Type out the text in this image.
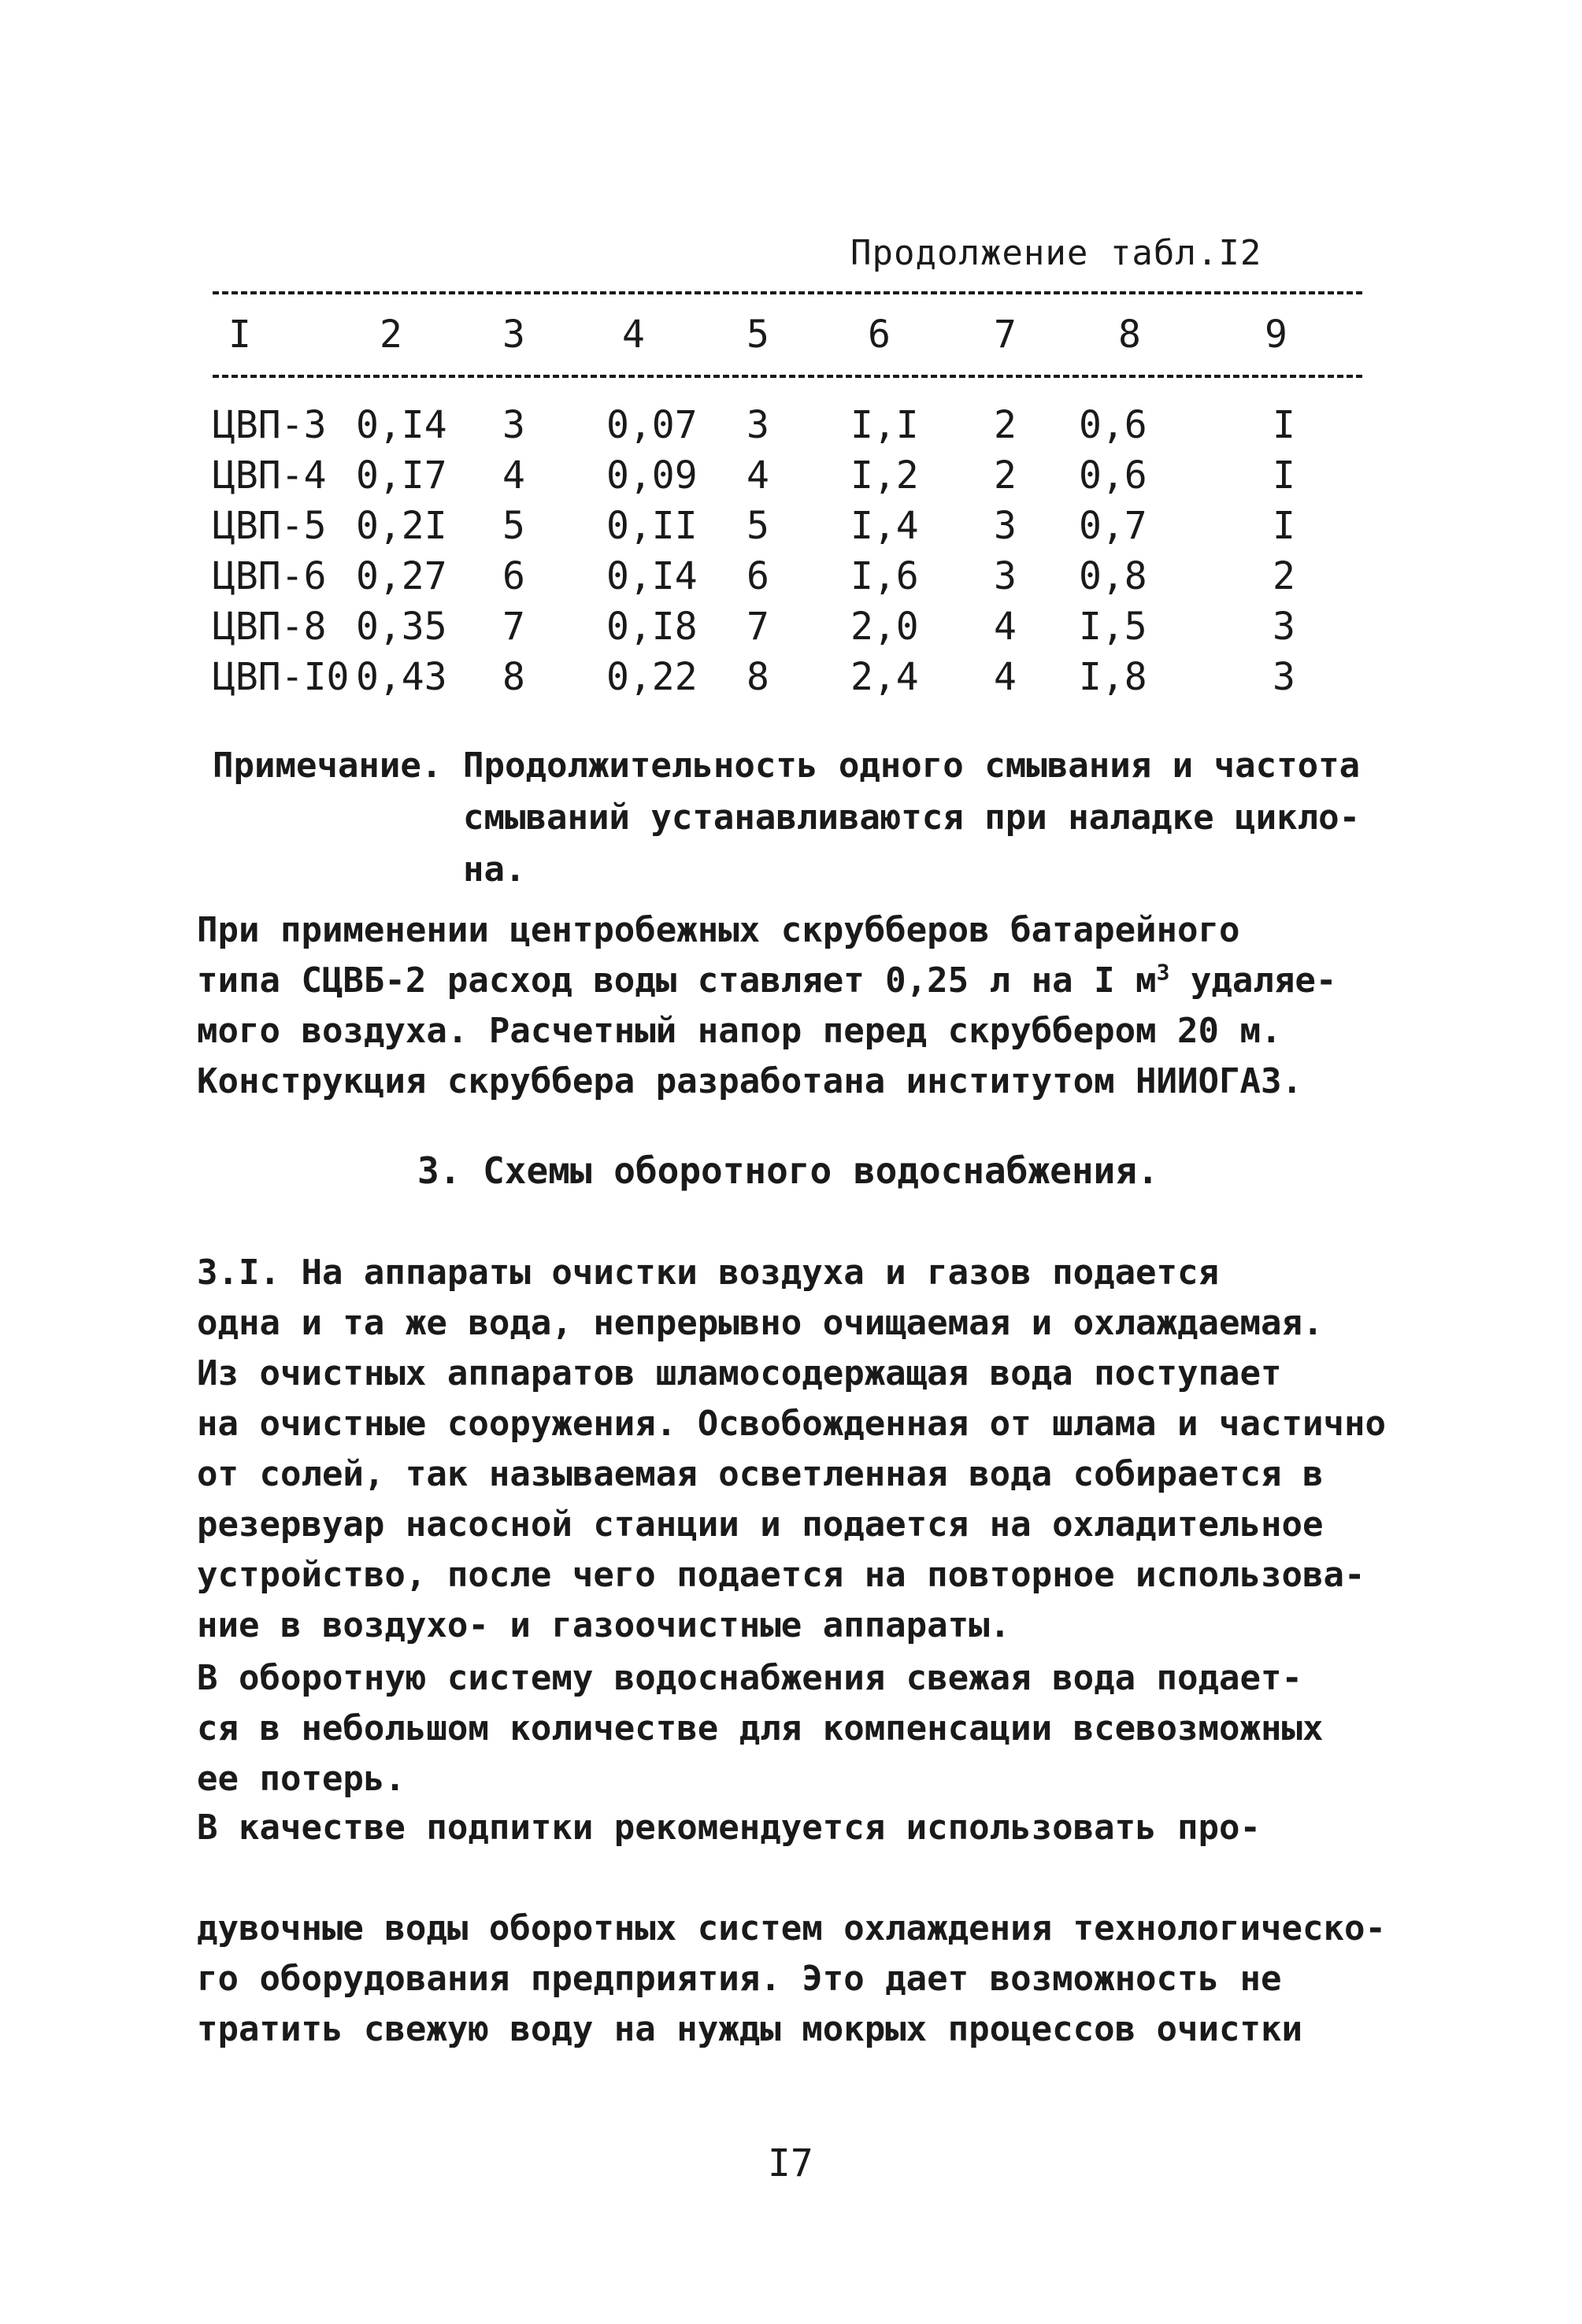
Продолжение табл.I2
I	2	3	4	5	6	7	8	9
ЦВП-3 0,I4 3 0,07 3 I,I 2 0,6	I
ЦВП-4 0,I7 4 0,09 4 I,2 2 0,6	I
ЦВП-5 0,2I 5 0,II 5 I,4 3 0,7	I
ЦВП-6 0,27 6 0,I4 6 I,6 3 0,8	2
ЦВП-8 0,35 7 0,I8 7 2,0 4 I,5	3
ЦВП-I0 0,43 8 0,22 8 2,4 4 I,8	3
Примечание. Продолжительность одного смывания и частота
смываний устанавливаются при наладке цикло-
на.
При применении центробежных скрубберов батарейного
типа СЦВБ-2 расход воды ставляет 0,25 л на I $м^3$ удаляе-
мого воздуха. Расчетный напор перед скруббером 20 м.
Конструкция скруббера разработана институтом НИИОГАЗ.
3. Схемы оборотного водоснабжения.
3.I. На аппараты очистки воздуха и газов подается
одна и та же вода, непрерывно очищаемая и охлаждаемая.
Из очистных аппаратов шламосодержащая вода поступает
на очистные сооружения. Освобожденная от шлама и частично
от солей, так называемая осветленная вода собирается в
резервуар насосной станции и подается на охладительное
устройство, после чего подается на повторное использова-
ние в воздухо- и газоочистные аппараты.
В оборотную систему водоснабжения свежая вода подает-
ся в небольшом количестве для компенсации всевозможных
ее потерь.
В качестве подпитки рекомендуется использовать про-

дувочные воды оборотных систем охлаждения технологическо-
го оборудования предприятия. Это дает возможность не
тратить свежую воду на нужды мокрых процессов очистки
I7
